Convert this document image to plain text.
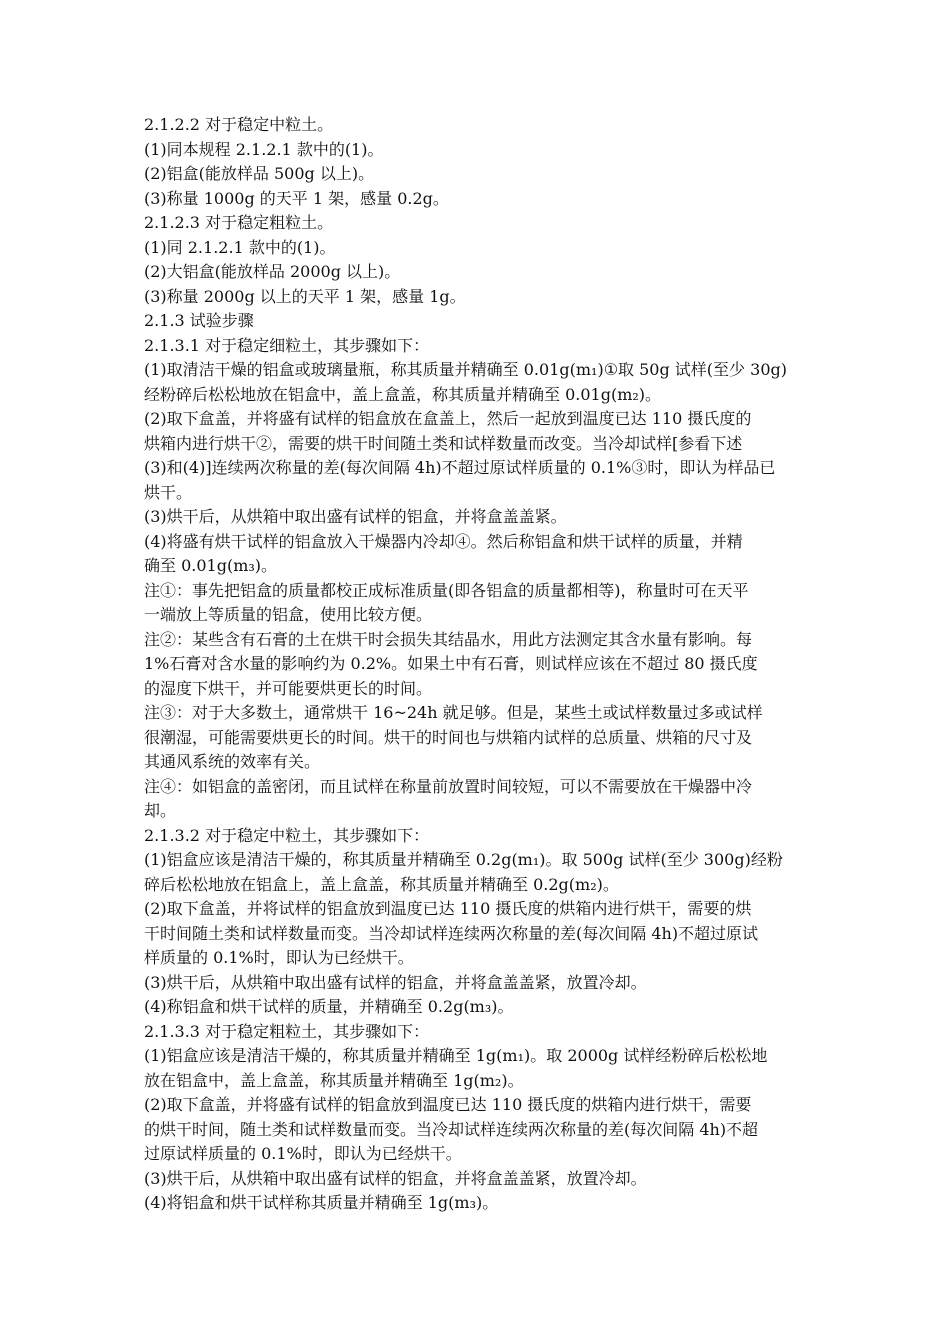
2.1.2.2 对于稳定中粒土。
(1)同本规程 2.1.2.1 款中的(1)。
(2)铝盒(能放样品 500g 以上)。
(3)称量 1000g 的天平 1 架，感量 0.2g。
2.1.2.3 对于稳定粗粒土。
(1)同 2.1.2.1 款中的(1)。
(2)大铝盒(能放样品 2000g 以上)。
(3)称量 2000g 以上的天平 1 架，感量 1g。
2.1.3 试验步骤
2.1.3.1 对于稳定细粒土，其步骤如下：
(1)取清洁干燥的铝盒或玻璃量瓶，称其质量并精确至 0.01g(m₁)①取 50g 试样(至少 30g)
经粉碎后松松地放在铝盒中，盖上盒盖，称其质量并精确至 0.01g(m₂)。
(2)取下盒盖，并将盛有试样的铝盒放在盒盖上，然后一起放到温度已达 110 摄氏度的
烘箱内进行烘干②，需要的烘干时间随土类和试样数量而改变。当冷却试样[参看下述
(3)和(4)]连续两次称量的差(每次间隔 4h)不超过原试样质量的 0.1%③时，即认为样品已
烘干。
(3)烘干后，从烘箱中取出盛有试样的铝盒，并将盒盖盖紧。
(4)将盛有烘干试样的铝盒放入干燥器内冷却④。然后称铝盒和烘干试样的质量，并精
确至 0.01g(m₃)。
注①：事先把铝盒的质量都校正成标准质量(即各铝盒的质量都相等)，称量时可在天平
一端放上等质量的铝盒，使用比较方便。
注②：某些含有石膏的土在烘干时会损失其结晶水，用此方法测定其含水量有影响。每
1%石膏对含水量的影响约为 0.2%。如果土中有石膏，则试样应该在不超过 80 摄氏度
的湿度下烘干，并可能要烘更长的时间。
注③：对于大多数土，通常烘干 16~24h 就足够。但是，某些土或试样数量过多或试样
很潮湿，可能需要烘更长的时间。烘干的时间也与烘箱内试样的总质量、烘箱的尺寸及
其通风系统的效率有关。
注④：如铝盒的盖密闭，而且试样在称量前放置时间较短，可以不需要放在干燥器中冷
却。
2.1.3.2 对于稳定中粒土，其步骤如下：
(1)铝盒应该是清洁干燥的，称其质量并精确至 0.2g(m₁)。取 500g 试样(至少 300g)经粉
碎后松松地放在铝盒上，盖上盒盖，称其质量并精确至 0.2g(m₂)。
(2)取下盒盖，并将试样的铝盒放到温度已达 110 摄氏度的烘箱内进行烘干，需要的烘
干时间随土类和试样数量而变。当冷却试样连续两次称量的差(每次间隔 4h)不超过原试
样质量的 0.1%时，即认为已经烘干。
(3)烘干后，从烘箱中取出盛有试样的铝盒，并将盒盖盖紧，放置冷却。
(4)称铝盒和烘干试样的质量，并精确至 0.2g(m₃)。
2.1.3.3 对于稳定粗粒土，其步骤如下：
(1)铝盒应该是清洁干燥的，称其质量并精确至 1g(m₁)。取 2000g 试样经粉碎后松松地
放在铝盒中，盖上盒盖，称其质量并精确至 1g(m₂)。
(2)取下盒盖，并将盛有试样的铝盒放到温度已达 110 摄氏度的烘箱内进行烘干，需要
的烘干时间，随土类和试样数量而变。当冷却试样连续两次称量的差(每次间隔 4h)不超
过原试样质量的 0.1%时，即认为已经烘干。
(3)烘干后，从烘箱中取出盛有试样的铝盒，并将盒盖盖紧，放置冷却。
(4)将铝盒和烘干试样称其质量并精确至 1g(m₃)。
